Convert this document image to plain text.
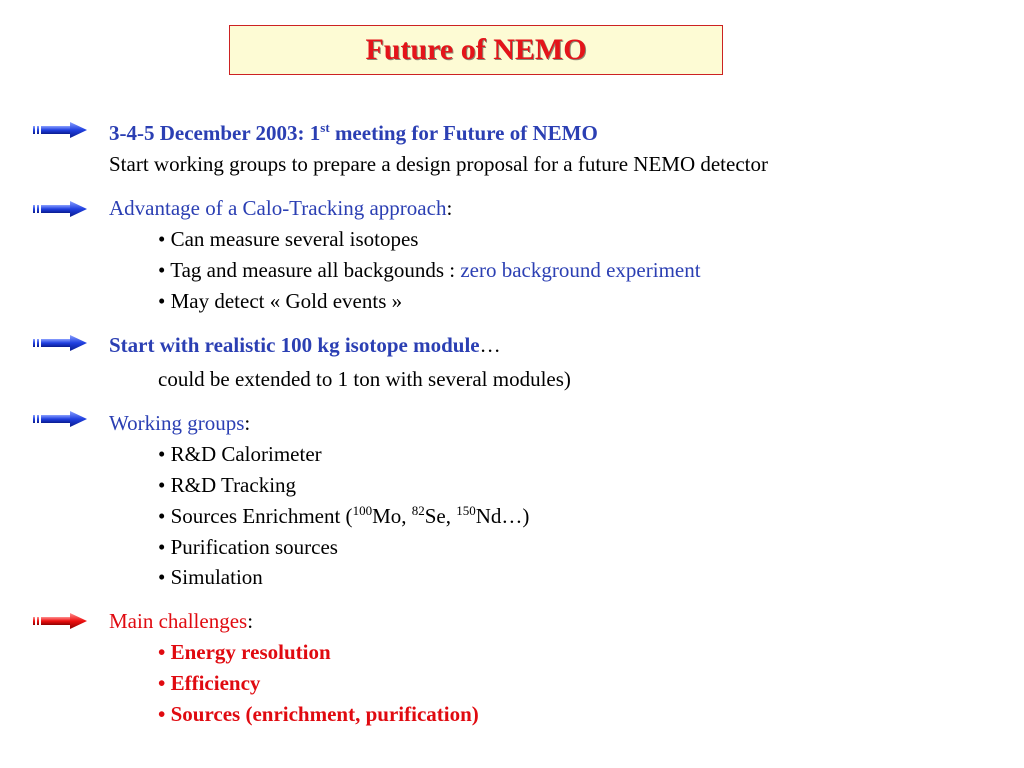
Future of NEMO
3-4-5 December 2003: 1st meeting for Future of NEMO
Start working groups to prepare a design proposal for a future NEMO detector
Advantage of a Calo-Tracking approach:
• Can measure several isotopes
• Tag and measure all backgounds : zero background experiment
• May detect « Gold events »
Start with realistic 100 kg isotope module…
could be extended to 1 ton with several modules)
Working groups:
• R&D Calorimeter
• R&D Tracking
• Sources Enrichment ($^{100}$Mo, $^{82}$Se, $^{150}$Nd…)
• Purification sources
• Simulation
Main challenges:
• Energy resolution
• Efficiency
• Sources (enrichment, purification)
